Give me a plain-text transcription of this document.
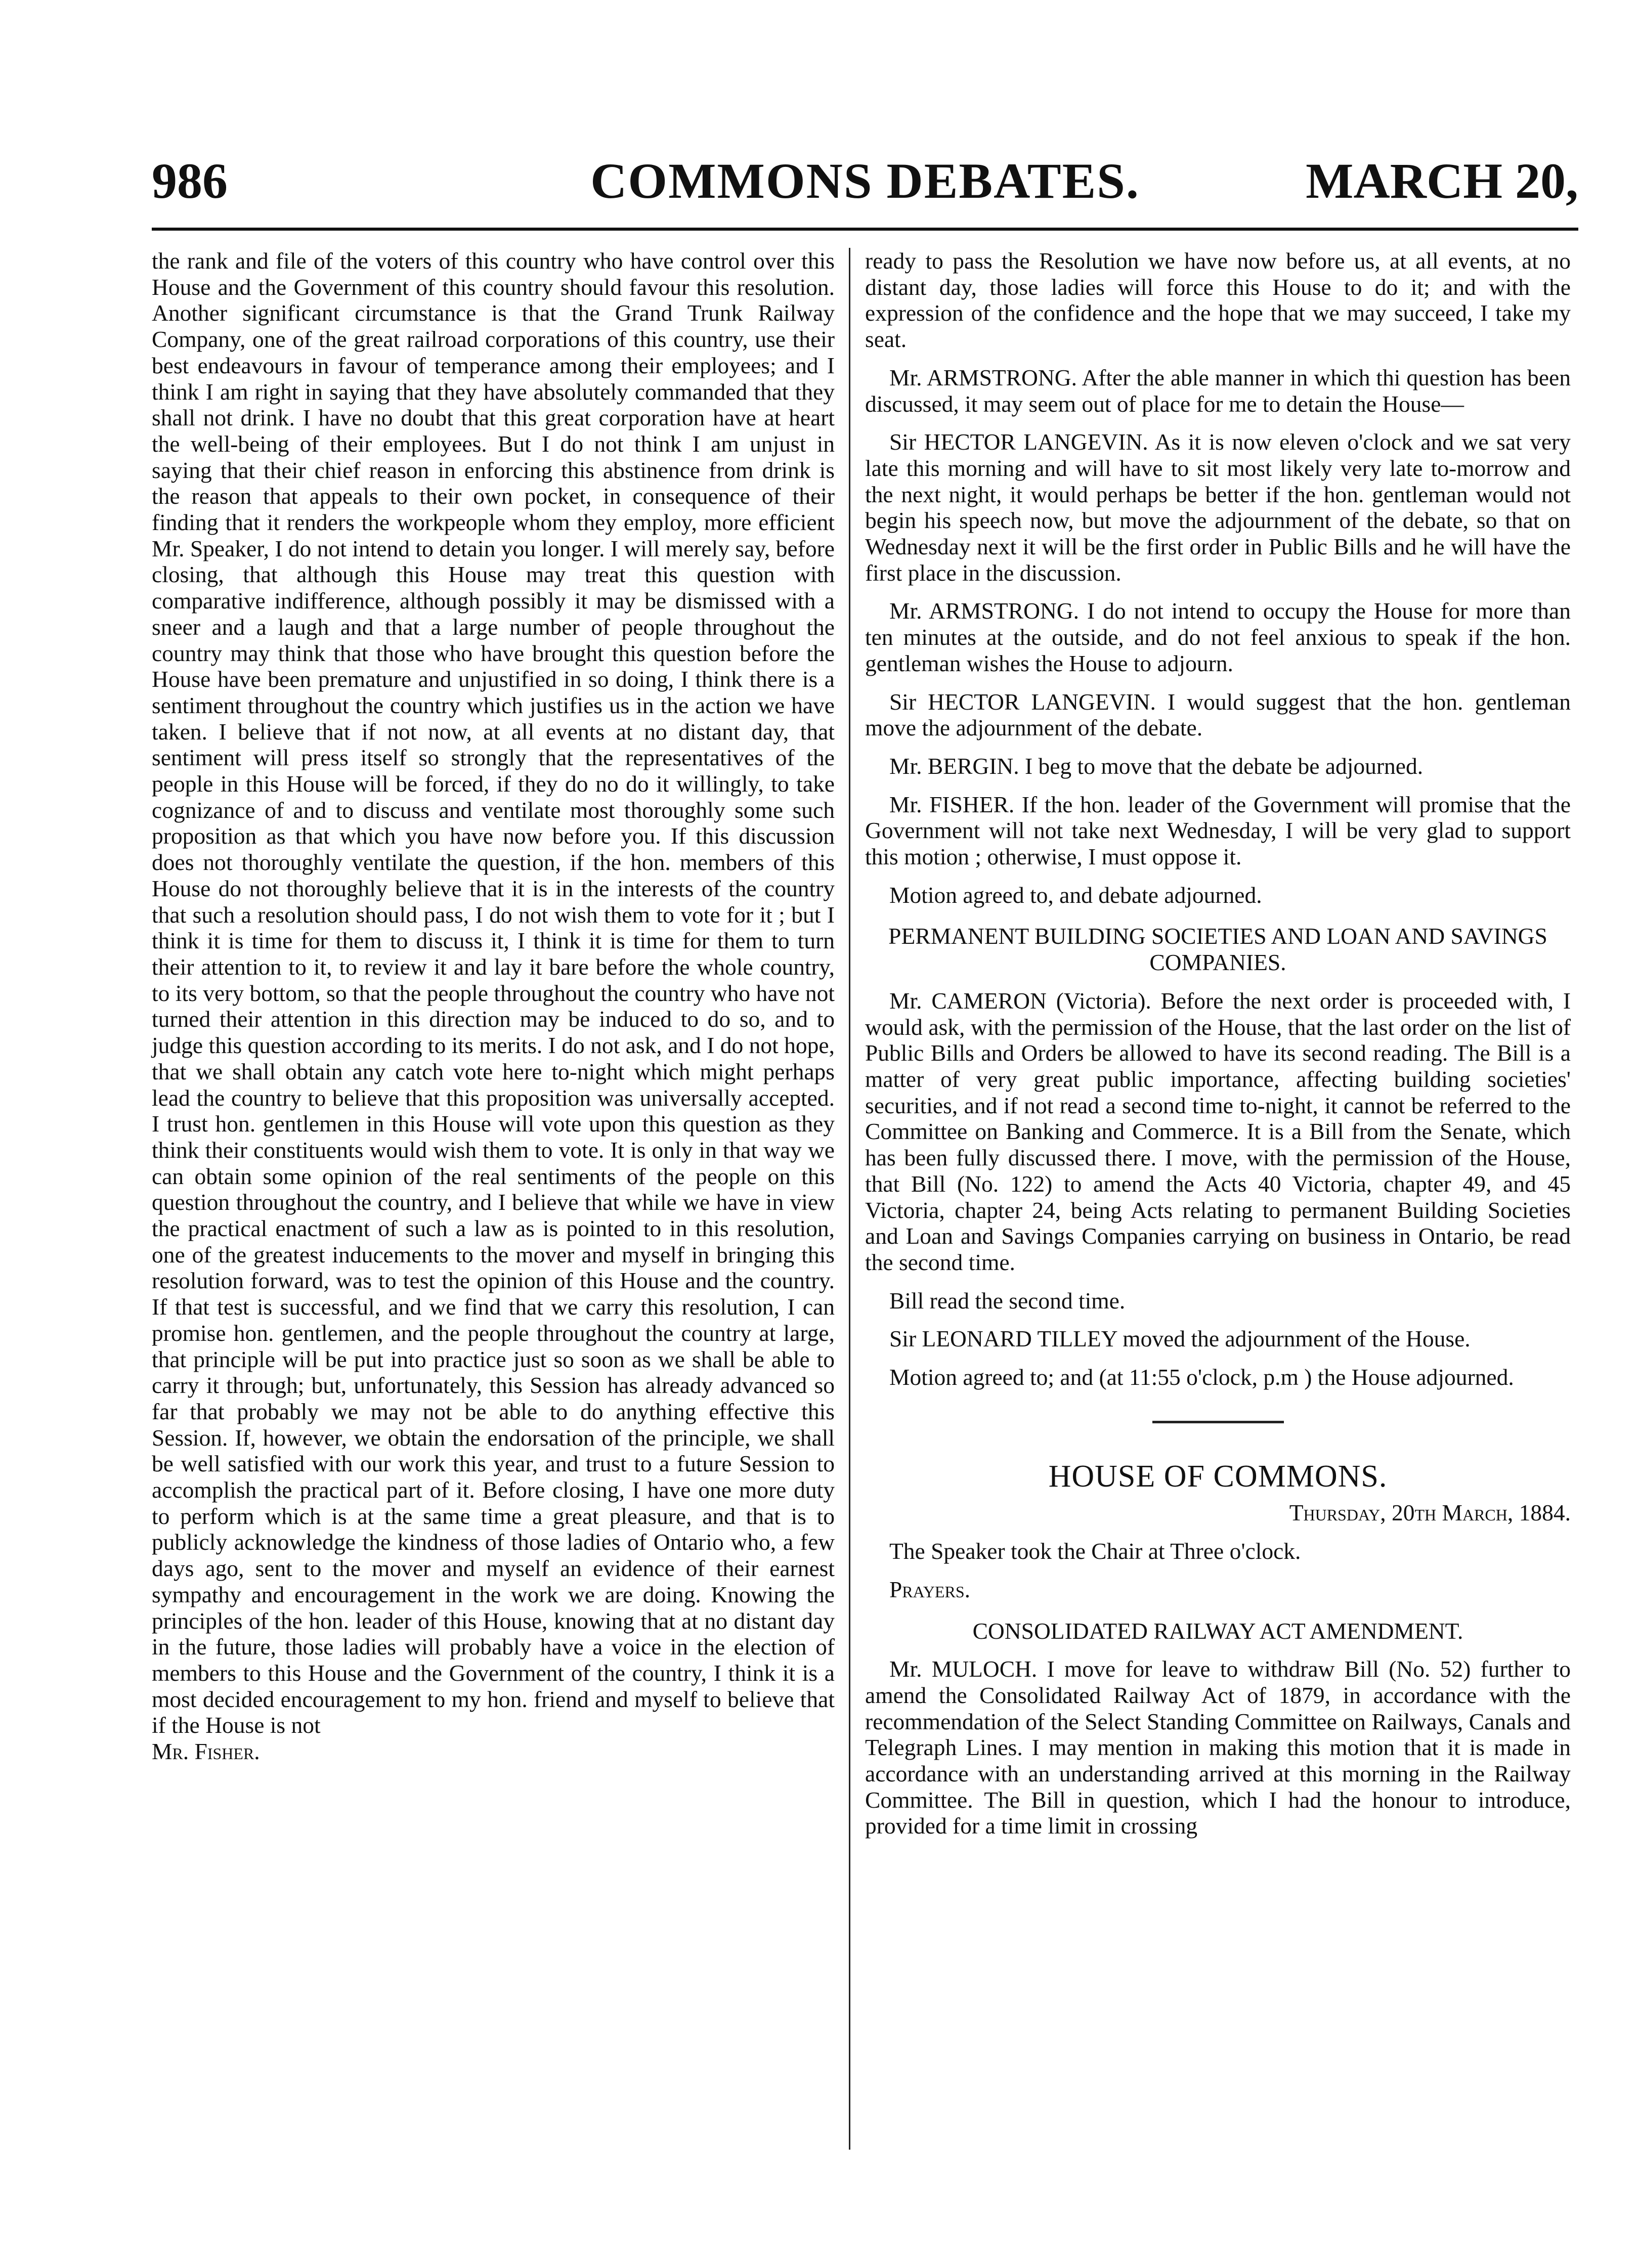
986	COMMONS DEBATES.	MARCH 20,

the rank and file of the voters of this country who have control over this House and the Government of this country should favour this resolution. Another significant circumstance is that the Grand Trunk Railway Company, one of the great railroad corporations of this country, use their best endeavours in favour of temperance among their employees; and I think I am right in saying that they have absolutely commanded that they shall not drink. I have no doubt that this great corporation have at heart the well-being of their employees. But I do not think I am unjust in saying that their chief reason in enforcing this abstinence from drink is the reason that appeals to their own pocket, in consequence of their finding that it renders the workpeople whom they employ, more efficient Mr. Speaker, I do not intend to detain you longer. I will merely say, before closing, that although this House may treat this question with comparative indifference, although possibly it may be dismissed with a sneer and a laugh and that a large number of people throughout the country may think that those who have brought this question before the House have been premature and unjustified in so doing, I think there is a sentiment throughout the country which justifies us in the action we have taken. I believe that if not now, at all events at no distant day, that sentiment will press itself so strongly that the representatives of the people in this House will be forced, if they do no do it willingly, to take cognizance of and to discuss and ventilate most thoroughly some such proposition as that which you have now before you. If this discussion does not thoroughly ventilate the question, if the hon. members of this House do not thoroughly believe that it is in the interests of the country that such a resolution should pass, I do not wish them to vote for it ; but I think it is time for them to discuss it, I think it is time for them to turn their attention to it, to review it and lay it bare before the whole country, to its very bottom, so that the people throughout the country who have not turned their attention in this direction may be induced to do so, and to judge this question according to its merits. I do not ask, and I do not hope, that we shall obtain any catch vote here to-night which might perhaps lead the country to believe that this proposition was universally accepted. I trust hon. gentlemen in this House will vote upon this question as they think their constituents would wish them to vote. It is only in that way we can obtain some opinion of the real sentiments of the people on this question throughout the country, and I believe that while we have in view the practical enactment of such a law as is pointed to in this resolution, one of the greatest inducements to the mover and myself in bringing this resolution forward, was to test the opinion of this House and the country. If that test is successful, and we find that we carry this resolution, I can promise hon. gentlemen, and the people throughout the country at large, that principle will be put into practice just so soon as we shall be able to carry it through; but, unfortunately, this Session has already advanced so far that probably we may not be able to do anything effective this Session. If, however, we obtain the endorsation of the principle, we shall be well satisfied with our work this year, and trust to a future Session to accomplish the practical part of it. Before closing, I have one more duty to perform which is at the same time a great pleasure, and that is to publicly acknowledge the kindness of those ladies of Ontario who, a few days ago, sent to the mover and myself an evidence of their earnest sympathy and encouragement in the work we are doing. Knowing the principles of the hon. leader of this House, knowing that at no distant day in the future, those ladies will probably have a voice in the election of members to this House and the Government of the country, I think it is a most decided encouragement to my hon. friend and myself to believe that if the House is not

Mr. Fisher.

ready to pass the Resolution we have now before us, at all events, at no distant day, those ladies will force this House to do it; and with the expression of the confidence and the hope that we may succeed, I take my seat.

Mr. ARMSTRONG. After the able manner in which thi question has been discussed, it may seem out of place for me to detain the House—

Sir HECTOR LANGEVIN. As it is now eleven o'clock and we sat very late this morning and will have to sit most likely very late to-morrow and the next night, it would perhaps be better if the hon. gentleman would not begin his speech now, but move the adjournment of the debate, so that on Wednesday next it will be the first order in Public Bills and he will have the first place in the discussion.

Mr. ARMSTRONG. I do not intend to occupy the House for more than ten minutes at the outside, and do not feel anxious to speak if the hon. gentleman wishes the House to adjourn.

Sir HECTOR LANGEVIN. I would suggest that the hon. gentleman move the adjournment of the debate.

Mr. BERGIN. I beg to move that the debate be adjourned.

Mr. FISHER. If the hon. leader of the Government will promise that the Government will not take next Wednesday, I will be very glad to support this motion ; otherwise, I must oppose it.

Motion agreed to, and debate adjourned.

PERMANENT BUILDING SOCIETIES AND LOAN AND SAVINGS COMPANIES.

Mr. CAMERON (Victoria). Before the next order is proceeded with, I would ask, with the permission of the House, that the last order on the list of Public Bills and Orders be allowed to have its second reading. The Bill is a matter of very great public importance, affecting building societies' securities, and if not read a second time to-night, it cannot be referred to the Committee on Banking and Commerce. It is a Bill from the Senate, which has been fully discussed there. I move, with the permission of the House, that Bill (No. 122) to amend the Acts 40 Victoria, chapter 49, and 45 Victoria, chapter 24, being Acts relating to permanent Building Societies and Loan and Savings Companies carrying on business in Ontario, be read the second time.

Bill read the second time.

Sir LEONARD TILLEY moved the adjournment of the House.

Motion agreed to; and (at 11:55 o'clock, p.m ) the House adjourned.

HOUSE OF COMMONS.

Thursday, 20th March, 1884.

The Speaker took the Chair at Three o'clock.

Prayers.

CONSOLIDATED RAILWAY ACT AMENDMENT.

Mr. MULOCH. I move for leave to withdraw Bill (No. 52) further to amend the Consolidated Railway Act of 1879, in accordance with the recommendation of the Select Standing Committee on Railways, Canals and Telegraph Lines. I may mention in making this motion that it is made in accordance with an understanding arrived at this morning in the Railway Committee. The Bill in question, which I had the honour to introduce, provided for a time limit in crossing
